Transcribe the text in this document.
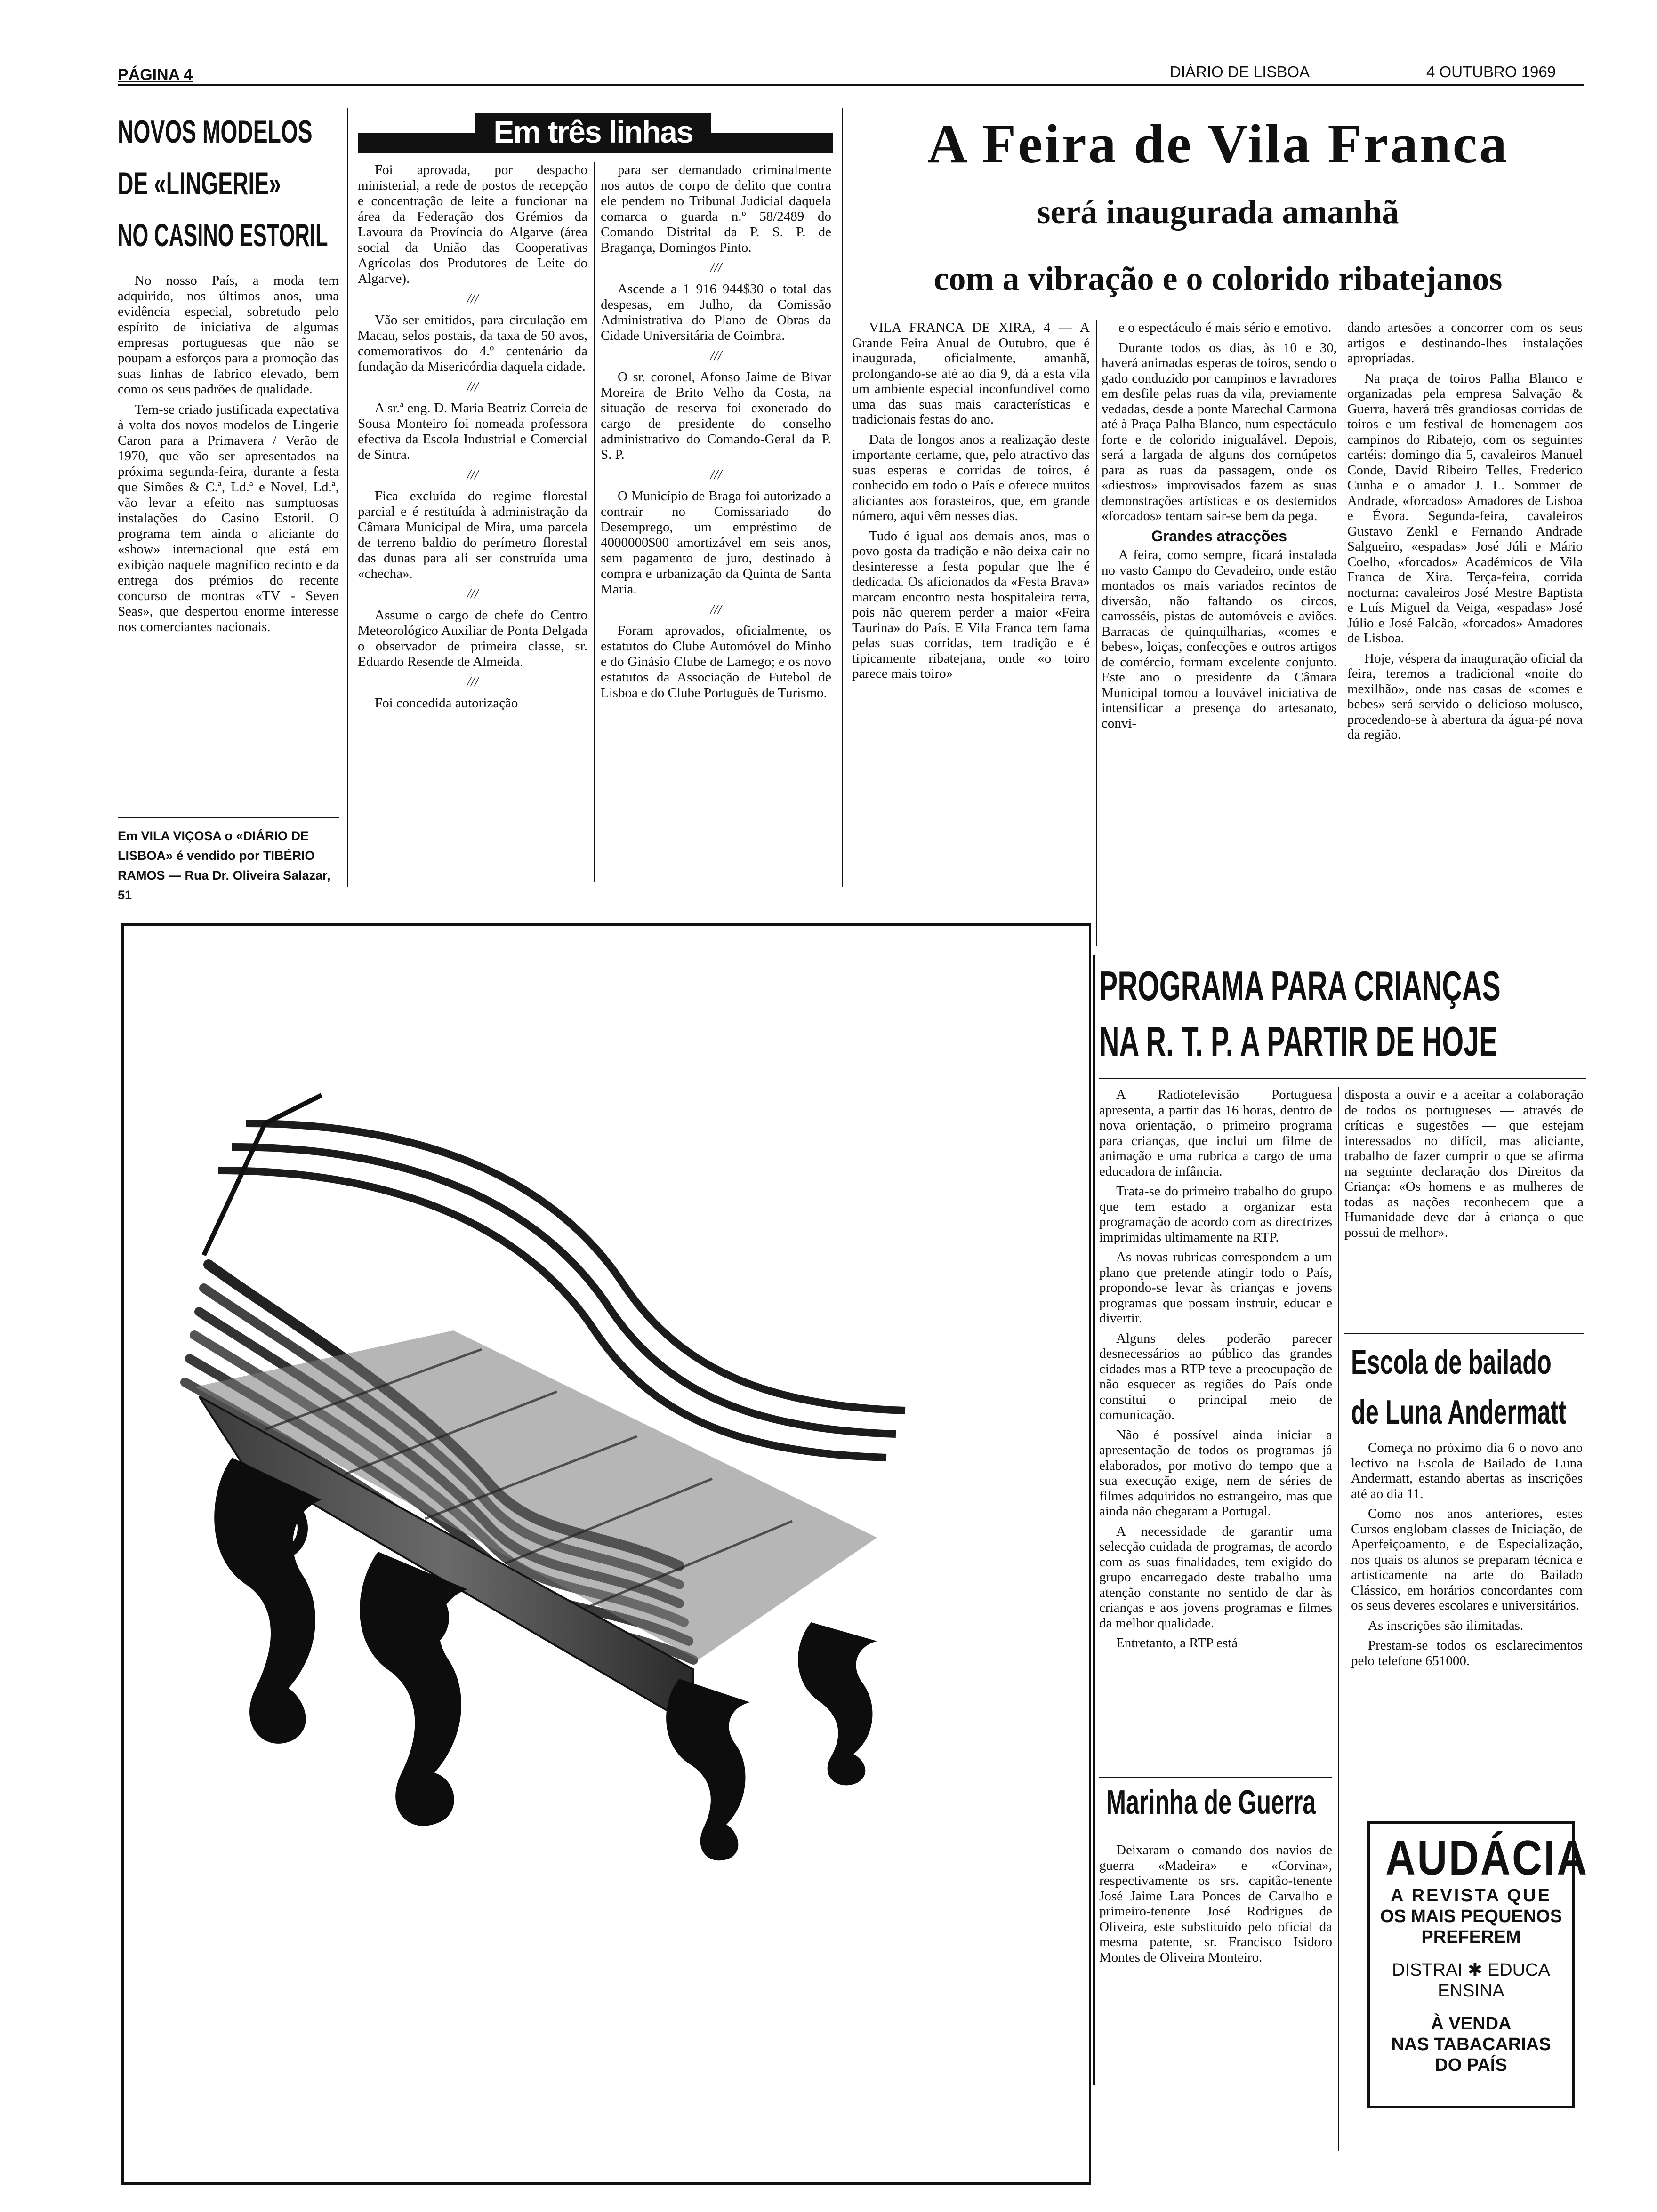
PÁGINA 4	DIÁRIO DE LISBOA	4 OUTUBRO 1969
NOVOS MODELOS
DE «LINGERIE»
NO CASINO ESTORIL

No nosso País, a moda tem adquirido, nos últimos anos, uma evidência especial, sobretudo pelo espírito de iniciativa de algumas empresas portuguesas que não se poupam a esforços para a promoção das suas linhas de fabrico elevado, bem como os seus padrões de qualidade.

Tem-se criado justificada expectativa à volta dos novos modelos de Lingerie Caron para a Primavera / Verão de 1970, que vão ser apresentados na próxima segunda-feira, durante a festa que Simões & C.ª, Ld.ª e Novel, Ld.ª, vão levar a efeito nas sumptuosas instalações do Casino Estoril. O programa tem ainda o aliciante do «show» internacional que está em exibição naquele magnífico recinto e da entrega dos prémios do recente concurso de montras «TV - Seven Seas», que despertou enorme interesse nos comerciantes nacionais.

Em VILA VIÇOSA o «DIÁRIO DE LISBOA» é vendido por TIBÉRIO RAMOS — Rua Dr. Oliveira Salazar, 51
Em três linhas

Foi aprovada, por despacho ministerial, a rede de postos de recepção e concentração de leite a funcionar na área da Federação dos Grémios da Lavoura da Província do Algarve (área social da União das Cooperativas Agrícolas dos Produtores de Leite do Algarve).

///

Vão ser emitidos, para circulação em Macau, selos postais, da taxa de 50 avos, comemorativos do 4.º centenário da fundação da Misericórdia daquela cidade.

///

A sr.ª eng. D. Maria Beatriz Correia de Sousa Monteiro foi nomeada professora efectiva da Escola Industrial e Comercial de Sintra.

///

Fica excluída do regime florestal parcial e é restituída à administração da Câmara Municipal de Mira, uma parcela de terreno baldio do perímetro florestal das dunas para ali ser construída uma «checha».

///

Assume o cargo de chefe do Centro Meteorológico Auxiliar de Ponta Delgada o observador de primeira classe, sr. Eduardo Resende de Almeida.

///

Foi concedida autorização

para ser demandado criminalmente nos autos de corpo de delito que contra ele pendem no Tribunal Judicial daquela comarca o guarda n.º 58/2489 do Comando Distrital da P. S. P. de Bragança, Domingos Pinto.

///

Ascende a 1 916 944$30 o total das despesas, em Julho, da Comissão Administrativa do Plano de Obras da Cidade Universitária de Coimbra.

///

O sr. coronel, Afonso Jaime de Bivar Moreira de Brito Velho da Costa, na situação de reserva foi exonerado do cargo de presidente do conselho administrativo do Comando-Geral da P. S. P.

///

O Município de Braga foi autorizado a contrair no Comissariado do Desemprego, um empréstimo de 4000000$00 amortizável em seis anos, sem pagamento de juro, destinado à compra e urbanização da Quinta de Santa Maria.

///

Foram aprovados, oficialmente, os estatutos do Clube Automóvel do Minho e do Ginásio Clube de Lamego; e os novo estatutos da Associação de Futebol de Lisboa e do Clube Português de Turismo.

A Feira de Vila Franca
será inaugurada amanhã
com a vibração e o colorido ribatejanos

VILA FRANCA DE XIRA, 4 — A Grande Feira Anual de Outubro, que é inaugurada, oficialmente, amanhã, prolongando-se até ao dia 9, dá a esta vila um ambiente especial inconfundível como uma das suas mais características e tradicionais festas do ano.

Data de longos anos a realização deste importante certame, que, pelo atractivo das suas esperas e corridas de toiros, é conhecido em todo o País e oferece muitos aliciantes aos forasteiros, que, em grande número, aqui vêm nesses dias.

Tudo é igual aos demais anos, mas o povo gosta da tradição e não deixa cair no desinteresse a festa popular que lhe é dedicada. Os aficionados da «Festa Brava» marcam encontro nesta hospitaleira terra, pois não querem perder a maior «Feira Taurina» do País. E Vila Franca tem fama pelas suas corridas, tem tradição e é tipicamente ribatejana, onde «o toiro parece mais toiro»

e o espectáculo é mais sério e emotivo.

Durante todos os dias, às 10 e 30, haverá animadas esperas de toiros, sendo o gado conduzido por campinos e lavradores em desfile pelas ruas da vila, previamente vedadas, desde a ponte Marechal Carmona até à Praça Palha Blanco, num espectáculo forte e de colorido inigualável. Depois, será a largada de alguns dos cornúpetos para as ruas da passagem, onde os «diestros» improvisados fazem as suas demonstrações artísticas e os destemidos «forcados» tentam sair-se bem da pega.

Grandes atracções

A feira, como sempre, ficará instalada no vasto Campo do Cevadeiro, onde estão montados os mais variados recintos de diversão, não faltando os circos, carrosséis, pistas de automóveis e aviões. Barracas de quinquilharias, «comes e bebes», loiças, confecções e outros artigos de comércio, formam excelente conjunto. Este ano o presidente da Câmara Municipal tomou a louvável iniciativa de intensificar a presença do artesanato, convi-

dando artesões a concorrer com os seus artigos e destinando-lhes instalações apropriadas.

Na praça de toiros Palha Blanco e organizadas pela empresa Salvação & Guerra, haverá três grandiosas corridas de toiros e um festival de homenagem aos campinos do Ribatejo, com os seguintes cartéis: domingo dia 5, cavaleiros Manuel Conde, David Ribeiro Telles, Frederico Cunha e o amador J. L. Sommer de Andrade, «forcados» Amadores de Lisboa e Évora. Segunda-feira, cavaleiros Gustavo Zenkl e Fernando Andrade Salgueiro, «espadas» José Júli e Mário Coelho, «forcados» Académicos de Vila Franca de Xira. Terça-feira, corrida nocturna: cavaleiros José Mestre Baptista e Luís Miguel da Veiga, «espadas» José Júlio e José Falcão, «forcados» Amadores de Lisboa.

Hoje, véspera da inauguração oficial da feira, teremos a tradicional «noite do mexilhão», onde nas casas de «comes e bebes» será servido o delicioso molusco, procedendo-se à abertura da água-pé nova da região.

PROGRAMA PARA CRIANÇAS
NA R. T. P. A PARTIR DE HOJE

A Radiotelevisão Portuguesa apresenta, a partir das 16 horas, dentro de nova orientação, o primeiro programa para crianças, que inclui um filme de animação e uma rubrica a cargo de uma educadora de infância.

Trata-se do primeiro trabalho do grupo que tem estado a organizar esta programação de acordo com as directrizes imprimidas ultimamente na RTP.

As novas rubricas correspondem a um plano que pretende atingir todo o País, propondo-se levar às crianças e jovens programas que possam instruir, educar e divertir.

Alguns deles poderão parecer desnecessários ao público das grandes cidades mas a RTP teve a preocupação de não esquecer as regiões do País onde constitui o principal meio de comunicação.

Não é possível ainda iniciar a apresentação de todos os programas já elaborados, por motivo do tempo que a sua execução exige, nem de séries de filmes adquiridos no estrangeiro, mas que ainda não chegaram a Portugal.

A necessidade de garantir uma selecção cuidada de programas, de acordo com as suas finalidades, tem exigido do grupo encarregado deste trabalho uma atenção constante no sentido de dar às crianças e aos jovens programas e filmes da melhor qualidade.

Entretanto, a RTP está

disposta a ouvir e a aceitar a colaboração de todos os portugueses — através de críticas e sugestões — que estejam interessados no difícil, mas aliciante, trabalho de fazer cumprir o que se afirma na seguinte declaração dos Direitos da Criança: «Os homens e as mulheres de todas as nações reconhecem que a Humanidade deve dar à criança o que possui de melhor».

Escola de bailado
de Luna Andermatt

Começa no próximo dia 6 o novo ano lectivo na Escola de Bailado de Luna Andermatt, estando abertas as inscrições até ao dia 11.

Como nos anos anteriores, estes Cursos englobam classes de Iniciação, de Aperfeiçoamento, e de Especialização, nos quais os alunos se preparam técnica e artisticamente na arte do Bailado Clássico, em horários concordantes com os seus deveres escolares e universitários.

As inscrições são ilimitadas.

Prestam-se todos os esclarecimentos pelo telefone 651000.

Marinha de Guerra

Deixaram o comando dos navios de guerra «Madeira» e «Corvina», respectivamente os srs. capitão-tenente José Jaime Lara Ponces de Carvalho e primeiro-tenente José Rodrigues de Oliveira, este substituído pelo oficial da mesma patente, sr. Francisco Isidoro Montes de Oliveira Monteiro.

AUDÁCIA
A REVISTA QUE
OS MAIS PEQUENOS
PREFEREM
DISTRAI ✱ EDUCA
ENSINA
À VENDA
NAS TABACARIAS
DO PAÍS
